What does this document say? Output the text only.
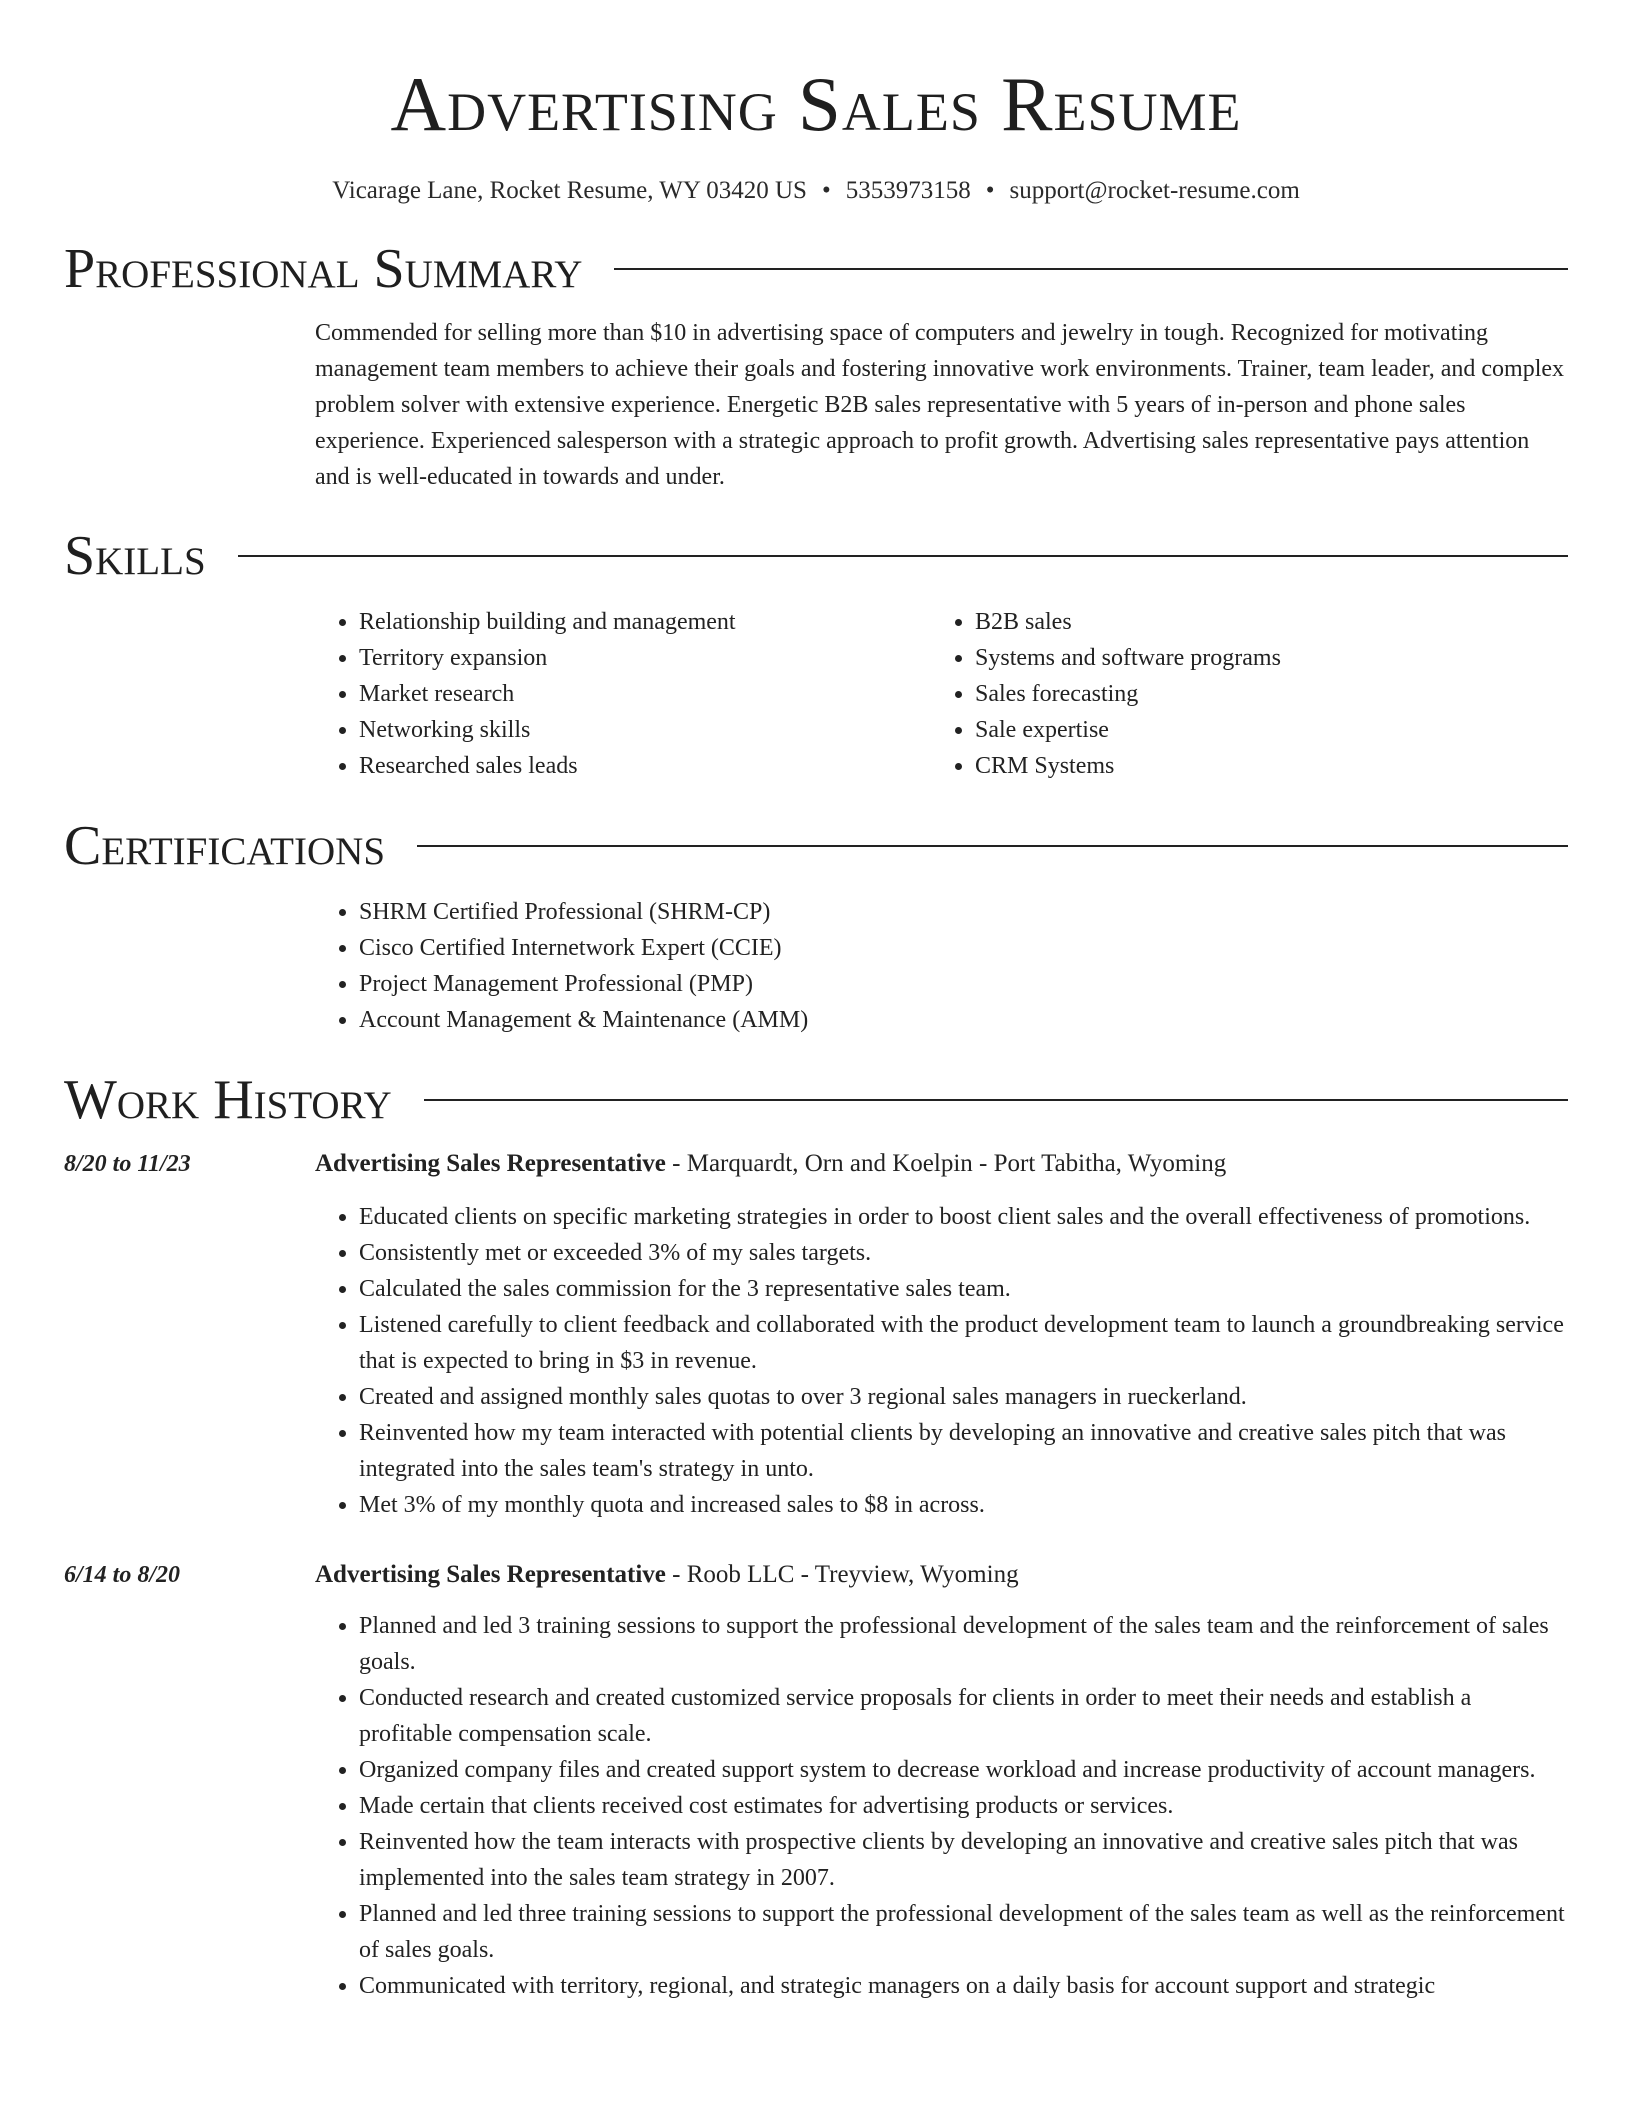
Advertising Sales Resume
Vicarage Lane, Rocket Resume, WY 03420 US • 5353973158 • support@rocket-resume.com
Professional Summary

Commended for selling more than $10 in advertising space of computers and jewelry in tough. Recognized for motivating management team members to achieve their goals and fostering innovative work environments. Trainer, team leader, and complex problem solver with extensive experience. Energetic B2B sales representative with 5 years of in-person and phone sales experience. Experienced salesperson with a strategic approach to profit growth. Advertising sales representative pays attention and is well-educated in towards and under.

Skills
• Relationship building and management
• Territory expansion
• Market research
• Networking skills
• Researched sales leads
• B2B sales
• Systems and software programs
• Sales forecasting
• Sale expertise
• CRM Systems
Certifications
• SHRM Certified Professional (SHRM-CP)
• Cisco Certified Internetwork Expert (CCIE)
• Project Management Professional (PMP)
• Account Management & Maintenance (AMM)
Work History
8/20 to 11/23	Advertising Sales Representative - Marquardt, Orn and Koelpin - Port Tabitha, Wyoming
• Educated clients on specific marketing strategies in order to boost client sales and the overall effectiveness of promotions.
• Consistently met or exceeded 3% of my sales targets.
• Calculated the sales commission for the 3 representative sales team.
• Listened carefully to client feedback and collaborated with the product development team to launch a groundbreaking service that is expected to bring in $3 in revenue.
• Created and assigned monthly sales quotas to over 3 regional sales managers in rueckerland.
• Reinvented how my team interacted with potential clients by developing an innovative and creative sales pitch that was integrated into the sales team's strategy in unto.
• Met 3% of my monthly quota and increased sales to $8 in across.
6/14 to 8/20	Advertising Sales Representative - Roob LLC - Treyview, Wyoming
• Planned and led 3 training sessions to support the professional development of the sales team and the reinforcement of sales goals.
• Conducted research and created customized service proposals for clients in order to meet their needs and establish a profitable compensation scale.
• Organized company files and created support system to decrease workload and increase productivity of account managers.
• Made certain that clients received cost estimates for advertising products or services.
• Reinvented how the team interacts with prospective clients by developing an innovative and creative sales pitch that was implemented into the sales team strategy in 2007.
• Planned and led three training sessions to support the professional development of the sales team as well as the reinforcement of sales goals.
• Communicated with territory, regional, and strategic managers on a daily basis for account support and strategic
